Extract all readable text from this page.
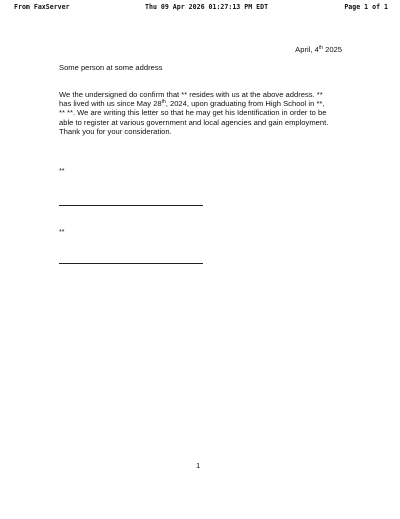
From FaxServer	Thu 09 Apr 2026 01:27:13 PM EDT	Page 1 of 1
April, 4th 2025
Some person at some address

We the undersigned do confirm that ** resides with us at the above address. **
has lived with us since May 28th, 2024, upon graduating from High School in **,
** **. We are writing this letter so that he may get his Identification in order to be
able to register at various government and local agencies and gain employment.
Thank you for your consideration.

**
**
1
